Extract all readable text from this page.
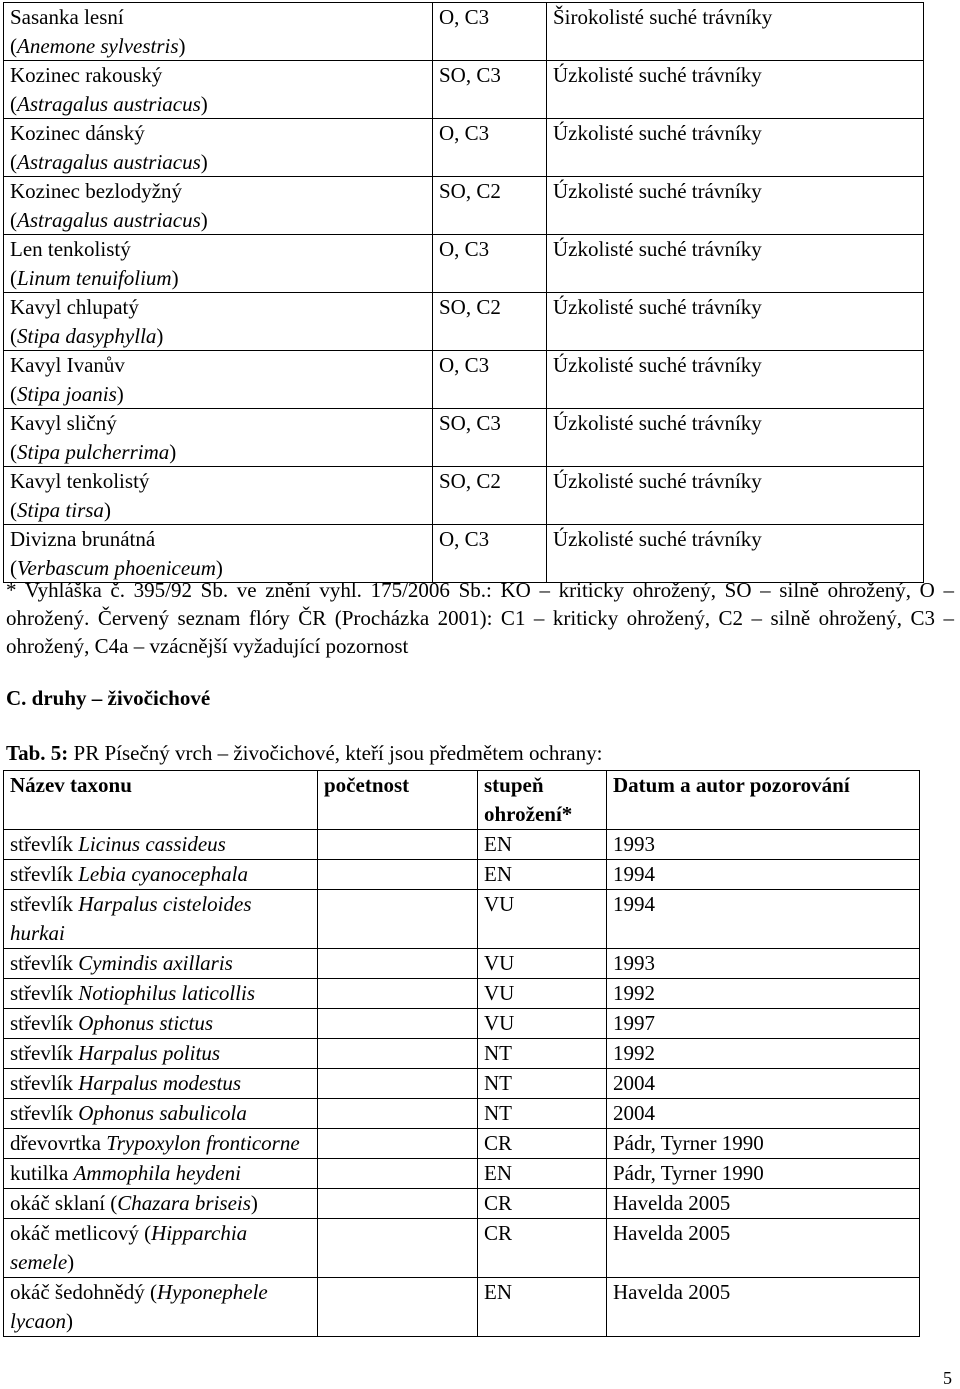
Sasanka lesní
(Anemone sylvestris)	O, C3	Širokolisté suché trávníky

Kozinec rakouský
(Astragalus austriacus)	SO, C3	Úzkolisté suché trávníky

Kozinec dánský
(Astragalus austriacus)	O, C3	Úzkolisté suché trávníky

Kozinec bezlodyžný
(Astragalus austriacus)	SO, C2	Úzkolisté suché trávníky

Len tenkolistý
(Linum tenuifolium)	O, C3	Úzkolisté suché trávníky

Kavyl chlupatý
(Stipa dasyphylla)	SO, C2	Úzkolisté suché trávníky

Kavyl Ivanův
(Stipa joanis)	O, C3	Úzkolisté suché trávníky

Kavyl sličný
(Stipa pulcherrima)	SO, C3	Úzkolisté suché trávníky

Kavyl tenkolistý
(Stipa tirsa)	SO, C2	Úzkolisté suché trávníky

Divizna brunátná
(Verbascum phoeniceum)	O, C3	Úzkolisté suché trávníky
* Vyhláška č. 395/92 Sb. ve znění vyhl. 175/2006 Sb.: KO – kriticky ohrožený, SO – silně ohrožený, O – ohrožený. Červený seznam flóry ČR (Procházka 2001): C1 – kriticky ohrožený, C2 – silně ohrožený, C3 – ohrožený, C4a – vzácnější vyžadující pozornost
C. druhy – živočichové
Tab. 5: PR Písečný vrch – živočichové, kteří jsou předmětem ochrany:
Název taxonu	početnost	stupeň ohrožení*	Datum a autor pozorování
střevlík Licinus cassideus		EN	1993
střevlík Lebia cyanocephala		EN	1994
střevlík Harpalus cisteloides hurkai		VU	1994
střevlík Cymindis axillaris		VU	1993
střevlík Notiophilus laticollis		VU	1992
střevlík Ophonus stictus		VU	1997
střevlík Harpalus politus		NT	1992
střevlík Harpalus modestus		NT	2004
střevlík Ophonus sabulicola		NT	2004
dřevovrtka Trypoxylon fronticorne		CR	Pádr, Tyrner 1990
kutilka Ammophila heydeni		EN	Pádr, Tyrner 1990
okáč sklaní (Chazara briseis)		CR	Havelda 2005
okáč metlicový (Hipparchia semele)		CR	Havelda 2005
okáč šedohnědý (Hyponephele lycaon)		EN	Havelda 2005
5
